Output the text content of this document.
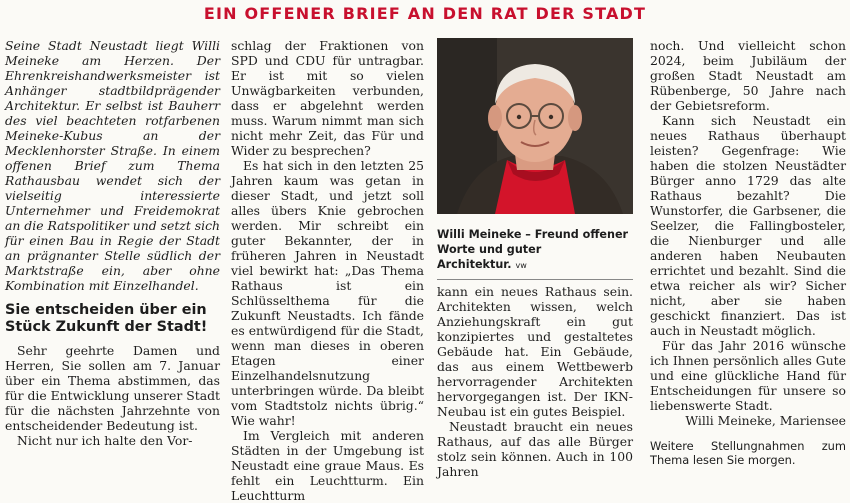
EIN OFFENER BRIEF AN DEN RAT DER STADT

Seine Stadt Neustadt liegt Willi Meineke am Herzen. Der Ehrenkreishandwerksmeister ist Anhänger stadtbildprägender Architektur. Er selbst ist Bauherr des viel beachteten rotfarbenen Meineke-Kubus an der Mecklenhorster Straße. In einem offenen Brief zum Thema Rathausbau wendet sich der vielseitig interessierte Unternehmer und Freidemokrat an die Ratspolitiker und setzt sich für einen Bau in Regie der Stadt an prägnanter Stelle südlich der Marktstraße ein, aber ohne Kombination mit Einzelhandel.

Sie entscheiden über ein Stück Zukunft der Stadt!

Sehr geehrte Damen und Herren, Sie sollen am 7. Januar über ein Thema abstimmen, das für die Entwicklung unserer Stadt für die nächsten Jahrzehnte von entscheidender Bedeutung ist.

Nicht nur ich halte den Vor-

schlag der Fraktionen von SPD und CDU für untragbar. Er ist mit so vielen Unwägbarkeiten verbunden, dass er abgelehnt werden muss. Warum nimmt man sich nicht mehr Zeit, das Für und Wider zu besprechen?

Es hat sich in den letzten 25 Jahren kaum was getan in dieser Stadt, und jetzt soll alles übers Knie gebrochen werden. Mir schreibt ein guter Bekannter, der in früheren Jahren in Neustadt viel bewirkt hat: „Das Thema Rathaus ist ein Schlüsselthema für die Zukunft Neustadts. Ich fände es entwürdigend für die Stadt, wenn man dieses in oberen Etagen einer Einzelhandelsnutzung unterbringen würde. Da bleibt vom Stadtstolz nichts übrig.“ Wie wahr!

Im Vergleich mit anderen Städten in der Umgebung ist Neustadt eine graue Maus. Es fehlt ein Leuchtturm. Ein Leuchtturm

Willi Meineke – Freund offener Worte und guter Architektur. vw

kann ein neues Rathaus sein. Architekten wissen, welch Anziehungskraft ein gut konzipiertes und gestaltetes Gebäude hat. Ein Gebäude, das aus einem Wettbewerb hervorragender Architekten hervorgegangen ist. Der IKN-Neubau ist ein gutes Beispiel.

Neustadt braucht ein neues Rathaus, auf das alle Bürger stolz sein können. Auch in 100 Jahren

noch. Und vielleicht schon 2024, beim Jubiläum der großen Stadt Neustadt am Rübenberge, 50 Jahre nach der Gebietsreform.

Kann sich Neustadt ein neues Rathaus überhaupt leisten? Gegenfrage: Wie haben die stolzen Neustädter Bürger anno 1729 das alte Rathaus bezahlt? Die Wunstorfer, die Garbsener, die Seelzer, die Fallingbosteler, die Nienburger und alle anderen haben Neubauten errichtet und bezahlt. Sind die etwa reicher als wir? Sicher nicht, aber sie haben geschickt finanziert. Das ist auch in Neustadt möglich.

Für das Jahr 2016 wünsche ich Ihnen persönlich alles Gute und eine glückliche Hand für Entscheidungen für unsere so liebenswerte Stadt.

Willi Meineke, Mariensee

Weitere Stellungnahmen zum Thema lesen Sie morgen.
